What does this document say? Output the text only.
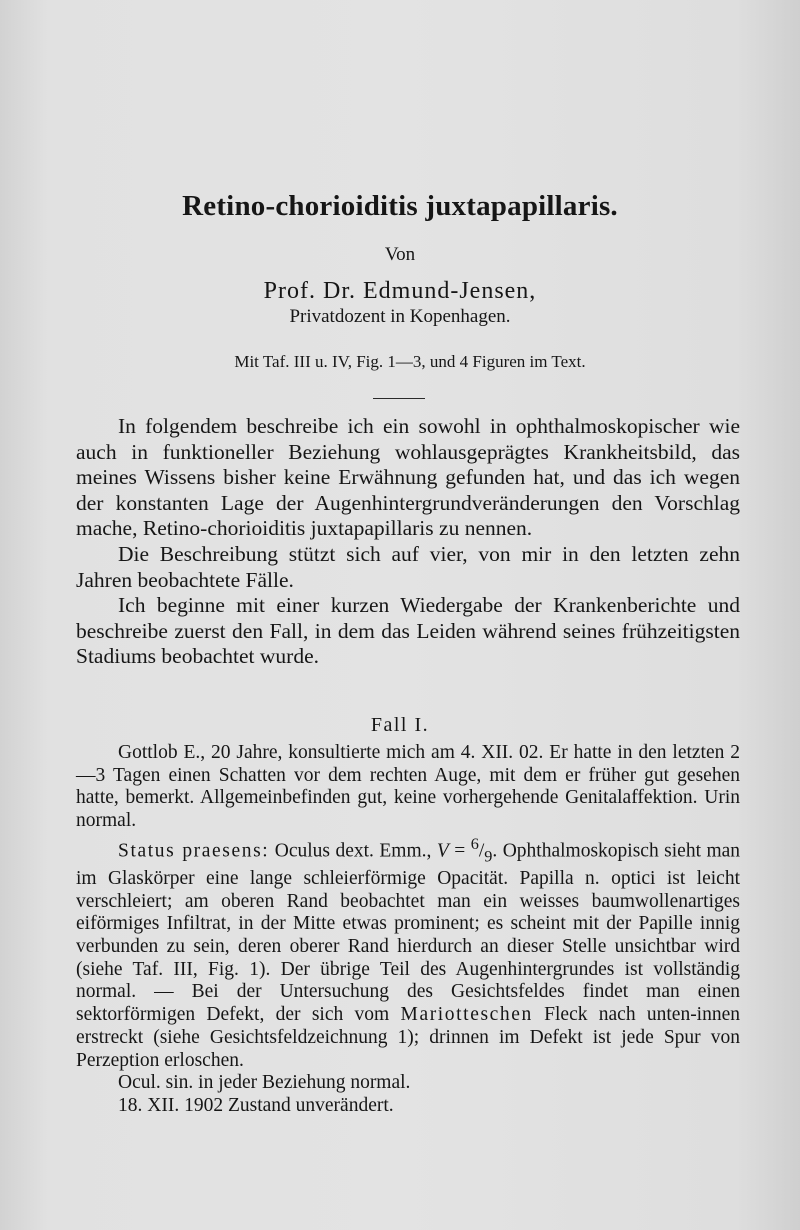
Retino-chorioiditis juxtapapillaris.
Von
Prof. Dr. Edmund-Jensen,
Privatdozent in Kopenhagen.
Mit Taf. III u. IV, Fig. 1—3, und 4 Figuren im Text.

In folgendem beschreibe ich ein sowohl in ophthalmoskopischer wie auch in funktioneller Beziehung wohlausgeprägtes Krankheitsbild, das meines Wissens bisher keine Erwähnung gefunden hat, und das ich wegen der konstanten Lage der Augenhintergrundveränderungen den Vorschlag mache, Retino-chorioiditis juxtapapillaris zu nennen.

Die Beschreibung stützt sich auf vier, von mir in den letzten zehn Jahren beobachtete Fälle.

Ich beginne mit einer kurzen Wiedergabe der Krankenberichte und beschreibe zuerst den Fall, in dem das Leiden während seines frühzeitigsten Stadiums beobachtet wurde.

Fall I.

Gottlob E., 20 Jahre, konsultierte mich am 4. XII. 02. Er hatte in den letzten 2—3 Tagen einen Schatten vor dem rechten Auge, mit dem er früher gut gesehen hatte, bemerkt. Allgemeinbefinden gut, keine vorhergehende Genitalaffektion. Urin normal.

Status praesens: Oculus dext. Emm., $V = ^6/_9$. Ophthalmoskopisch sieht man im Glaskörper eine lange schleierförmige Opacität. Papilla n. optici ist leicht verschleiert; am oberen Rand beobachtet man ein weisses baumwollenartiges eiförmiges Infiltrat, in der Mitte etwas prominent; es scheint mit der Papille innig verbunden zu sein, deren oberer Rand hierdurch an dieser Stelle unsichtbar wird (siehe Taf. III, Fig. 1). Der übrige Teil des Augenhintergrundes ist vollständig normal. — Bei der Untersuchung des Gesichtsfeldes findet man einen sektorförmigen Defekt, der sich vom Mariotteschen Fleck nach unten-innen erstreckt (siehe Gesichtsfeldzeichnung 1); drinnen im Defekt ist jede Spur von Perzeption erloschen.

Ocul. sin. in jeder Beziehung normal.

18. XII. 1902 Zustand unverändert.
